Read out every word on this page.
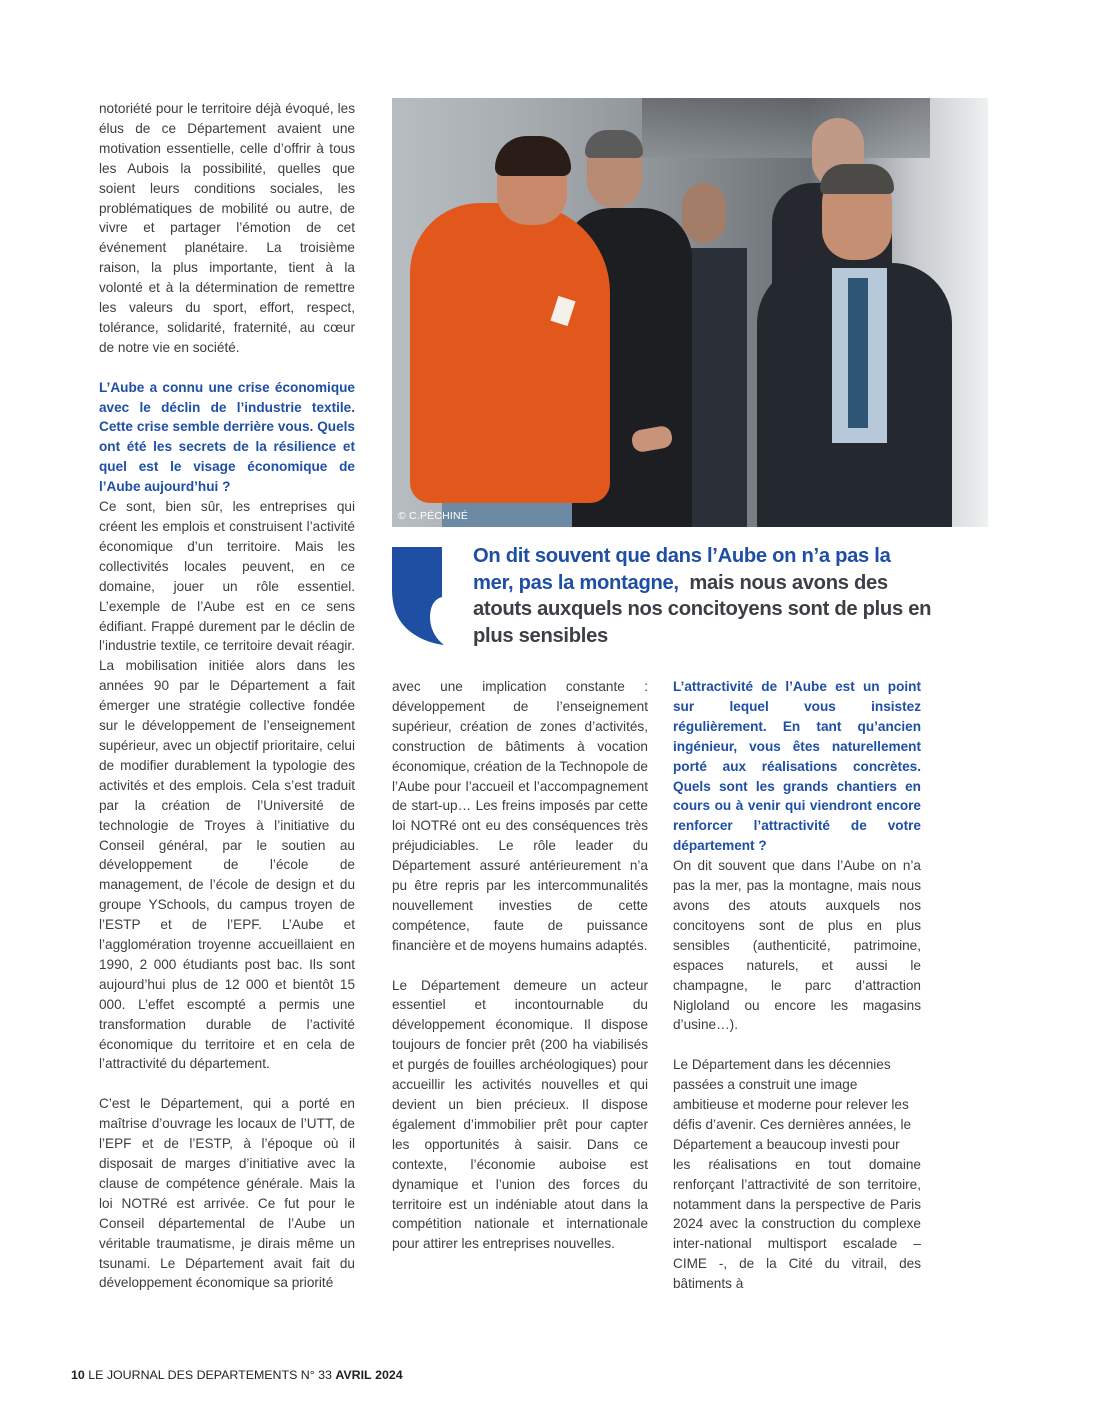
notoriété pour le territoire déjà évoqué, les élus de ce Département avaient une motivation essentielle, celle d’offrir à tous les Aubois la possibilité, quelles que soient leurs conditions sociales, les problématiques de mobilité ou autre, de vivre et partager l’émotion de cet événement planétaire. La troisième raison, la plus importante, tient à la volonté et à la détermination de remettre les valeurs du sport, effort, respect, tolérance, solidarité, fraternité, au cœur de notre vie en société.

L’Aube a connu une crise économique avec le déclin de l’industrie textile. Cette crise semble derrière vous. Quels ont été les secrets de la résilience et quel est le visage économique de l’Aube aujourd’hui ?

Ce sont, bien sûr, les entreprises qui créent les emplois et construisent l’activité économique d’un territoire. Mais les collectivités locales peuvent, en ce domaine, jouer un rôle essentiel. L’exemple de l’Aube est en ce sens édifiant. Frappé durement par le déclin de l’industrie textile, ce territoire devait réagir. La mobilisation initiée alors dans les années 90 par le Département a fait émerger une stratégie collective fondée sur le développement de l’enseignement supérieur, avec un objectif prioritaire, celui de modifier durablement la typologie des activités et des emplois. Cela s’est traduit par la création de l’Université de technologie de Troyes à l’initiative du Conseil général, par le soutien au développement de l’école de management, de l’école de design et du groupe YSchools, du campus troyen de l’ESTP et de l’EPF. L’Aube et l’agglomération troyenne accueillaient en 1990, 2 000 étudiants post bac. Ils sont aujourd’hui plus de 12 000 et bientôt 15 000. L’effet escompté a permis une transformation durable de l’activité économique du territoire et en cela de l’attractivité du département.

C’est le Département, qui a porté en maîtrise d’ouvrage les locaux de l’UTT, de l’EPF et de l’ESTP, à l’époque où il disposait de marges d’initiative avec la clause de compétence générale. Mais la loi NOTRé est arrivée. Ce fut pour le Conseil départemental de l’Aube un véritable traumatisme, je dirais même un tsunami. Le Département avait fait du développement économique sa priorité

© C.PÉCHINÉ
On dit souvent que dans l’Aube on n’a pas la mer, pas la montagne,  mais nous avons des atouts auxquels nos concitoyens sont de plus en plus sensibles

avec une implication constante : développement de l’enseignement supérieur, création de zones d’activités, construction de bâtiments à vocation économique, création de la Technopole de l’Aube pour l’accueil et l’accompagnement de start-up… Les freins imposés par cette loi NOTRé ont eu des conséquences très préjudiciables. Le rôle leader du Département assuré antérieurement n’a pu être repris par les intercommunalités nouvellement investies de cette compétence, faute de puissance financière et de moyens humains adaptés.

Le Département demeure un acteur essentiel et incontournable du développement économique. Il dispose toujours de foncier prêt (200 ha viabilisés et purgés de fouilles archéologiques) pour accueillir les activités nouvelles et qui devient un bien précieux. Il dispose également d’immobilier prêt pour capter les opportunités à saisir. Dans ce contexte, l’économie auboise est dynamique et l’union des forces du territoire est un indéniable atout dans la compétition nationale et internationale pour attirer les entreprises nouvelles.

L’attractivité de l’Aube est un point sur lequel vous insistez régulièrement. En tant qu’ancien ingénieur, vous êtes naturellement porté aux réalisations concrètes. Quels sont les grands chantiers en cours ou à venir qui viendront encore renforcer l’attractivité de votre département ?

On dit souvent que dans l’Aube on n’a pas la mer, pas la montagne, mais nous avons des atouts auxquels nos concitoyens sont de plus en plus sensibles (authenticité, patrimoine, espaces naturels, et aussi le champagne, le parc d’attraction Nigloland ou encore les magasins d’usine…).

Le Département dans les décennies passées a construit une image ambitieuse et moderne pour relever les défis d’avenir. Ces dernières années, le Département a beaucoup investi pour

les réalisations en tout domaine renforçant l’attractivité de son territoire, notamment dans la perspective de Paris 2024 avec la construction du complexe inter-national multisport escalade – CIME -, de la Cité du vitrail, des bâtiments à

10 LE JOURNAL DES DEPARTEMENTS N° 33 AVRIL 2024
